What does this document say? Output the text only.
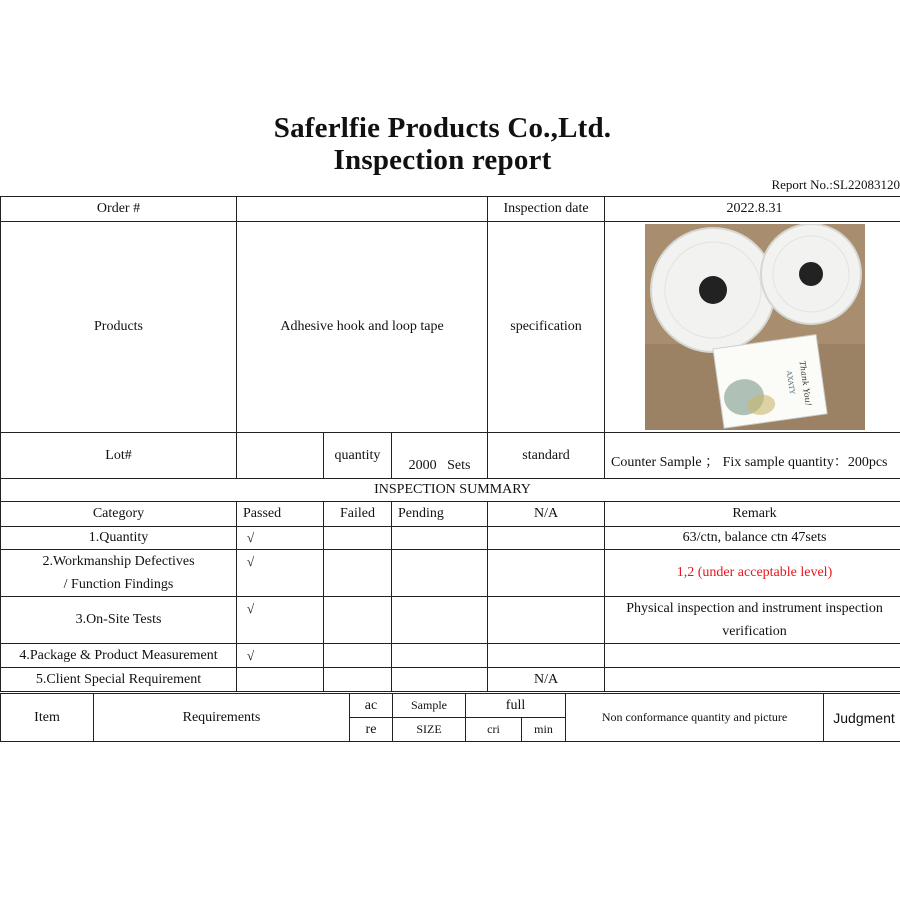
Saferlfie Products Co.,Ltd.
Inspection report
Report No.:SL22083120
Order #				Inspection date	2022.8.31
Products	Adhesive hook and loop tape			specification	AXATY Thank You!

Lot#		quantity	2000 Sets	standard	Counter Sample ； Fix sample quantity：200pcs
INSPECTION SUMMARY					
Category	Passed	Failed	Pending	N/A	Remark
1.Quantity	√				63/ctn, balance ctn 47sets

2.Workmanship Defectives
/ Function Findings	√				1,2 (under acceptable level)
3.On-Site Tests	√				Physical inspection and instrument inspection
verification

4.Package & Product Measurement	√				
5.Client Special Requirement				N/A	
Item	Requirements	ac	Sample	full		Non conformance quantity and picture	Judgment
		re	SIZE	cri	min		
